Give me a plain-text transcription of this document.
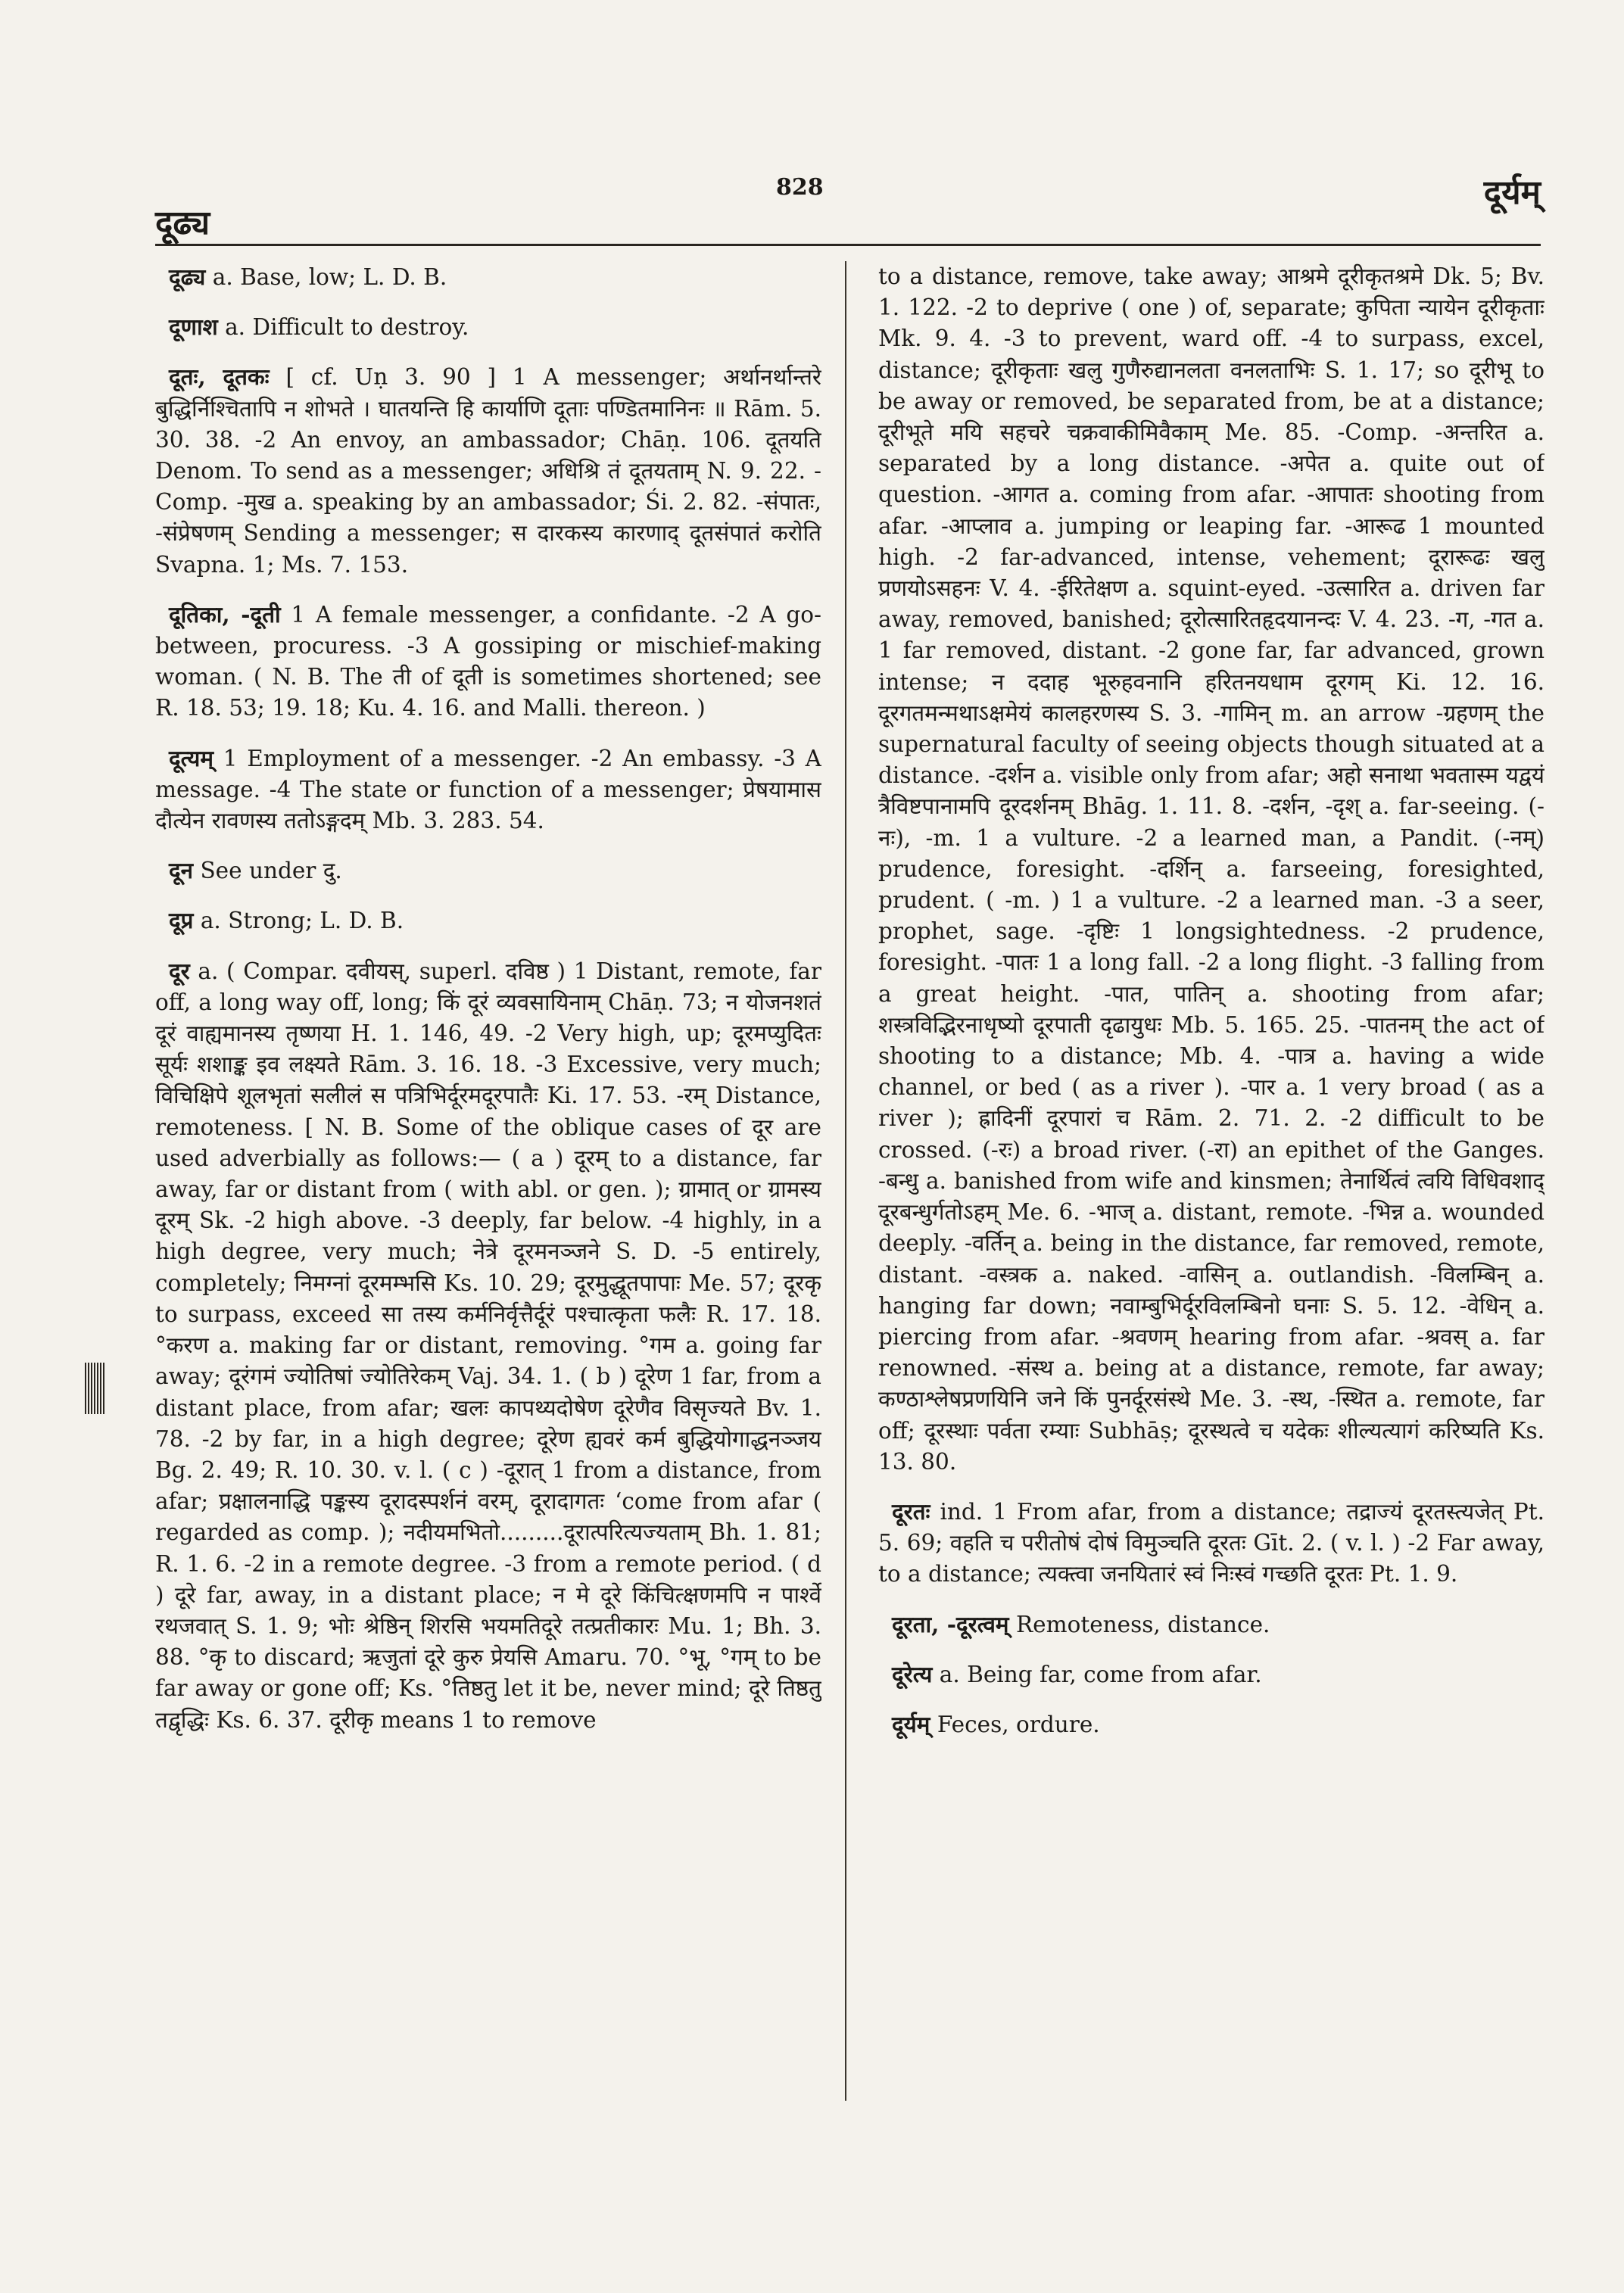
दूढ्य
828	दूर्यम्

दूढ्य a. Base, low; L. D. B.

दूणाश a. Difficult to destroy.

दूतः, दूतकः [ cf. Uṇ 3. 90 ] 1 A messenger; अर्थानर्थान्तरे बुद्धिर्निश्चितापि न शोभते । घातयन्ति हि कार्याणि दूताः पण्डितमानिनः ॥ Rām. 5. 30. 38. -2 An envoy, an ambassador; Chāṇ. 106. दूतयति Denom. To send as a messenger; अधिश्रि तं दूतयताम् N. 9. 22. -Comp. -मुख a. speaking by an ambassador; Śi. 2. 82. -संपातः, -संप्रेषणम् Sending a messenger; स दारकस्य कारणाद् दूतसंपातं करोति Svapna. 1; Ms. 7. 153.

दूतिका, -दूती 1 A female messenger, a confidante. -2 A go-between, procuress. -3 A gossiping or mischief-making woman. ( N. B. The ती of दूती is sometimes shortened; see R. 18. 53; 19. 18; Ku. 4. 16. and Malli. thereon. )

दूत्यम् 1 Employment of a messenger. -2 An embassy. -3 A message. -4 The state or function of a messenger; प्रेषयामास दौत्येन रावणस्य ततोऽङ्गदम् Mb. 3. 283. 54.

दून See under दु.

दूप्र a. Strong; L. D. B.

दूर a. ( Compar. दवीयस्, superl. दविष्ठ ) 1 Distant, remote, far off, a long way off, long; किं दूरं व्यवसायिनाम् Chāṇ. 73; न योजनशतं दूरं वाह्यमानस्य तृष्णया H. 1. 146, 49. -2 Very high, up; दूरमप्युदितः सूर्यः शशाङ्क इव लक्ष्यते Rām. 3. 16. 18. -3 Excessive, very much; विचिक्षिपे शूलभृतां सलीलं स पत्रिभिर्दूरमदूरपातैः Ki. 17. 53. -रम् Distance, remoteness. [ N. B. Some of the oblique cases of दूर are used adverbially as follows:— ( a ) दूरम् to a distance, far away, far or distant from ( with abl. or gen. ); ग्रामात् or ग्रामस्य दूरम् Sk. -2 high above. -3 deeply, far below. -4 highly, in a high degree, very much; नेत्रे दूरमनञ्जने S. D. -5 entirely, completely; निमग्नां दूरमम्भसि Ks. 10. 29; दूरमुद्धूतपापाः Me. 57; दूरकृ to surpass, exceed सा तस्य कर्मनिर्वृत्तैर्दूरं पश्चात्कृता फलैः R. 17. 18. °करण a. making far or distant, removing. °गम a. going far away; दूरंगमं ज्योतिषां ज्योतिरेकम् Vaj. 34. 1. ( b ) दूरेण 1 far, from a distant place, from afar; खलः कापथ्यदोषेण दूरेणैव विसृज्यते Bv. 1. 78. -2 by far, in a high degree; दूरेण ह्यवरं कर्म बुद्धियोगाद्धनञ्जय Bg. 2. 49; R. 10. 30. v. l. ( c ) -दूरात् 1 from a distance, from afar; प्रक्षालनाद्धि पङ्कस्य दूरादस्पर्शनं वरम्, दूरादागतः ‘come from afar ( regarded as comp. ); नदीयमभितो.........दूरात्परित्यज्यताम् Bh. 1. 81; R. 1. 6. -2 in a remote degree. -3 from a remote period. ( d ) दूरे far, away, in a distant place; न मे दूरे किंचित्क्षणमपि न पार्श्वे रथजवात् S. 1. 9; भोः श्रेष्ठिन् शिरसि भयमतिदूरे तत्प्रतीकारः Mu. 1; Bh. 3. 88. °कृ to discard; ऋजुतां दूरे कुरु प्रेयसि Amaru. 70. °भू, °गम् to be far away or gone off; Ks. °तिष्ठतु let it be, never mind; दूरे तिष्ठतु तद्वृद्धिः Ks. 6. 37. दूरीकृ means 1 to remove

to a distance, remove, take away; आश्रमे दूरीकृतश्रमे Dk. 5; Bv. 1. 122. -2 to deprive ( one ) of, separate; कुपिता न्यायेन दूरीकृताः Mk. 9. 4. -3 to prevent, ward off. -4 to surpass, excel, distance; दूरीकृताः खलु गुणैरुद्यानलता वनलताभिः S. 1. 17; so दूरीभू to be away or removed, be separated from, be at a distance; दूरीभूते मयि सहचरे चक्रवाकीमिवैकाम् Me. 85. -Comp. -अन्तरित a. separated by a long distance. -अपेत a. quite out of question. -आगत a. coming from afar. -आपातः shooting from afar. -आप्लाव a. jumping or leaping far. -आरूढ 1 mounted high. -2 far-advanced, intense, vehement; दूरारूढः खलु प्रणयोऽसहनः V. 4. -ईरितेक्षण a. squint-eyed. -उत्सारित a. driven far away, removed, banished; दूरोत्सारितहृदयानन्दः V. 4. 23. -ग, -गत a. 1 far removed, distant. -2 gone far, far advanced, grown intense; न ददाह भूरुहवनानि हरितनयधाम दूरगम् Ki. 12. 16. दूरगतमन्मथाऽक्षमेयं कालहरणस्य S. 3. -गामिन् m. an arrow -ग्रहणम् the supernatural faculty of seeing objects though situated at a distance. -दर्शन a. visible only from afar; अहो सनाथा भवतास्म यद्वयं त्रैविष्टपानामपि दूरदर्शनम् Bhāg. 1. 11. 8. -दर्शन, -दृश् a. far-seeing. (-नः), -m. 1 a vulture. -2 a learned man, a Pandit. (-नम्) prudence, foresight. -दर्शिन् a. farseeing, foresighted, prudent. ( -m. ) 1 a vulture. -2 a learned man. -3 a seer, prophet, sage. -दृष्टिः 1 longsightedness. -2 prudence, foresight. -पातः 1 a long fall. -2 a long flight. -3 falling from a great height. -पात, पातिन् a. shooting from afar; शस्त्रविद्भिरनाधृष्यो दूरपाती दृढायुधः Mb. 5. 165. 25. -पातनम् the act of shooting to a distance; Mb. 4. -पात्र a. having a wide channel, or bed ( as a river ). -पार a. 1 very broad ( as a river ); ह्रादिनीं दूरपारां च Rām. 2. 71. 2. -2 difficult to be crossed. (-रः) a broad river. (-रा) an epithet of the Ganges. -बन्धु a. banished from wife and kinsmen; तेनार्थित्वं त्वयि विधिवशाद् दूरबन्धुर्गतोऽहम् Me. 6. -भाज् a. distant, remote. -भिन्न a. wounded deeply. -वर्तिन् a. being in the distance, far removed, remote, distant. -वस्त्रक a. naked. -वासिन् a. outlandish. -विलम्बिन् a. hanging far down; नवाम्बुभिर्दूरविलम्बिनो घनाः S. 5. 12. -वेधिन् a. piercing from afar. -श्रवणम् hearing from afar. -श्रवस् a. far renowned. -संस्थ a. being at a distance, remote, far away; कण्ठाश्लेषप्रणयिनि जने किं पुनर्दूरसंस्थे Me. 3. -स्थ, -स्थित a. remote, far off; दूरस्थाः पर्वता रम्याः Subhāṣ; दूरस्थत्वे च यदेकः शील्यत्यागं करिष्यति Ks. 13. 80.

दूरतः ind. 1 From afar, from a distance; तद्राज्यं दूरतस्त्यजेत् Pt. 5. 69; वहति च परीतोषं दोषं विमुञ्चति दूरतः Gīt. 2. ( v. l. ) -2 Far away, to a distance; त्यक्त्वा जनयितारं स्वं निःस्वं गच्छति दूरतः Pt. 1. 9.

दूरता, -दूरत्वम् Remoteness, distance.

दूरेत्य a. Being far, come from afar.

दूर्यम् Feces, ordure.
